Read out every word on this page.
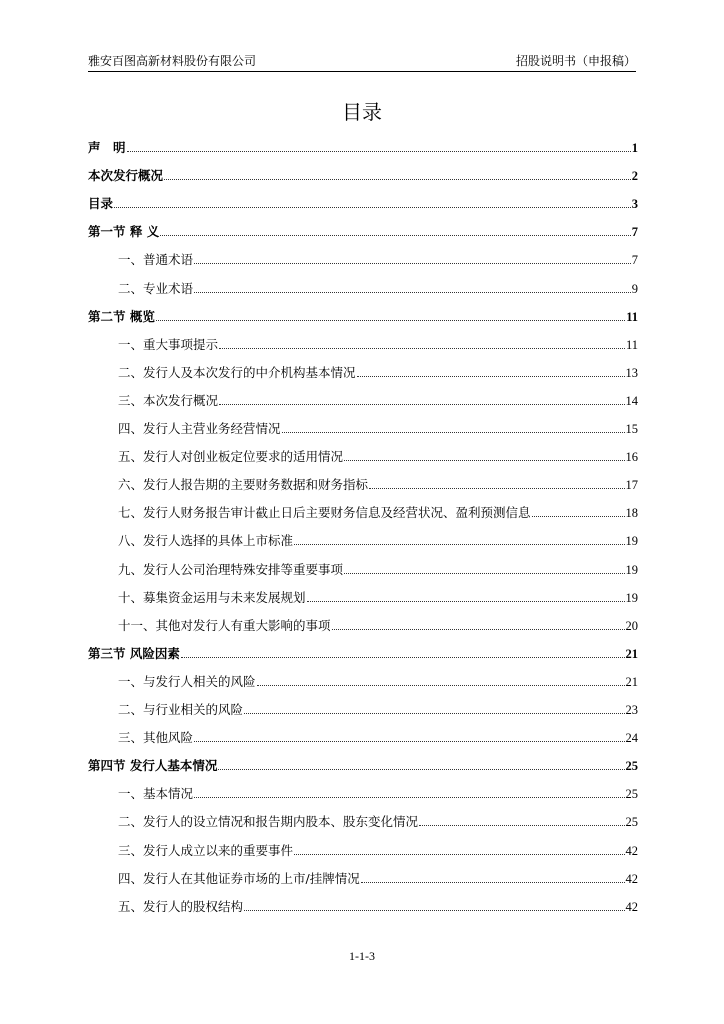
雅安百图高新材料股份有限公司	招股说明书（申报稿）
目录
声　明	1
本次发行概况	2
目录	3
第一节 释 义	7
一、普通术语	7
二、专业术语	9
第二节 概览	11
一、重大事项提示	11
二、发行人及本次发行的中介机构基本情况	13
三、本次发行概况	14
四、发行人主营业务经营情况	15
五、发行人对创业板定位要求的适用情况	16
六、发行人报告期的主要财务数据和财务指标	17
七、发行人财务报告审计截止日后主要财务信息及经营状况、盈利预测信息	18
八、发行人选择的具体上市标准	19
九、发行人公司治理特殊安排等重要事项	19
十、募集资金运用与未来发展规划	19
十一、其他对发行人有重大影响的事项	20
第三节 风险因素	21
一、与发行人相关的风险	21
二、与行业相关的风险	23
三、其他风险	24
第四节 发行人基本情况	25
一、基本情况	25
二、发行人的设立情况和报告期内股本、股东变化情况	25
三、发行人成立以来的重要事件	42
四、发行人在其他证券市场的上市/挂牌情况	42
五、发行人的股权结构	42
1-1-3
